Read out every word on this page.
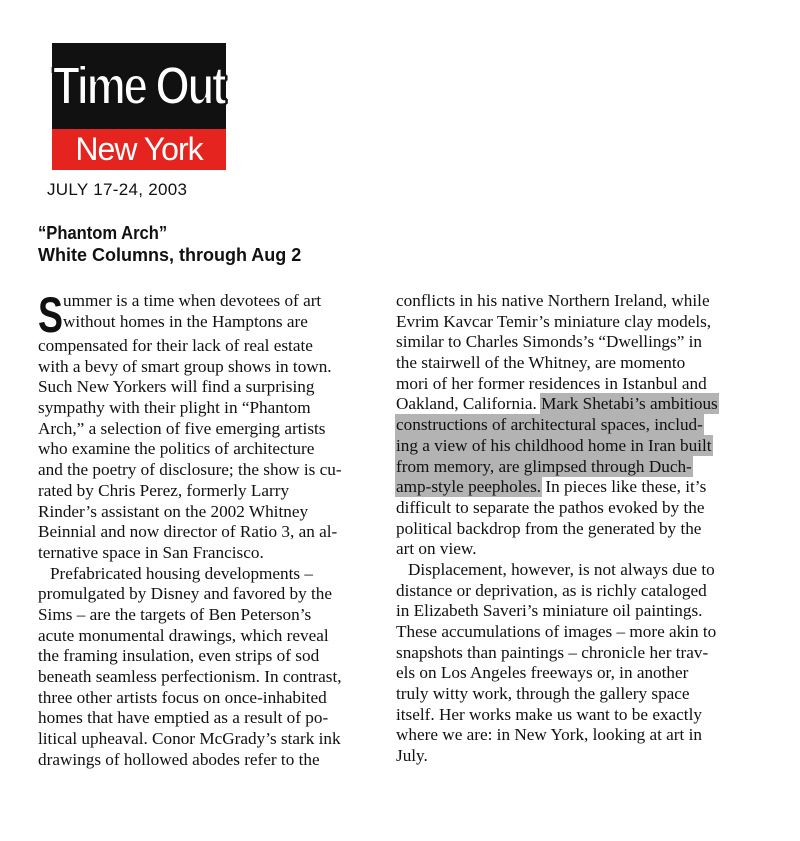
Time Out
New York
JULY 17-24, 2003
“Phantom Arch”
White Columns, through Aug 2
S ummer is a time when devotees of art
without homes in the Hamptons are
compensated for their lack of real estate
with a bevy of smart group shows in town.
Such New Yorkers will find a surprising
sympathy with their plight in “Phantom
Arch,” a selection of five emerging artists
who examine the politics of architecture
and the poetry of disclosure; the show is cu-
rated by Chris Perez, formerly Larry
Rinder’s assistant on the 2002 Whitney
Beinnial and now director of Ratio 3, an al-
ternative space in San Francisco.
Prefabricated housing developments –
promulgated by Disney and favored by the
Sims – are the targets of Ben Peterson’s
acute monumental drawings, which reveal
the framing insulation, even strips of sod
beneath seamless perfectionism. In contrast,
three other artists focus on once-inhabited
homes that have emptied as a result of po-
litical upheaval. Conor McGrady’s stark ink
drawings of hollowed abodes refer to the
conflicts in his native Northern Ireland, while
Evrim Kavcar Temir’s miniature clay models,
similar to Charles Simonds’s “Dwellings” in
the stairwell of the Whitney, are momento
mori of her former residences in Istanbul and
Oakland, California. Mark Shetabi’s ambitious
constructions of architectural spaces, includ-
ing a view of his childhood home in Iran built
from memory, are glimpsed through Duch-
amp-style peepholes. In pieces like these, it’s
difficult to separate the pathos evoked by the
political backdrop from the generated by the
art on view.
Displacement, however, is not always due to
distance or deprivation, as is richly cataloged
in Elizabeth Saveri’s miniature oil paintings.
These accumulations of images – more akin to
snapshots than paintings – chronicle her trav-
els on Los Angeles freeways or, in another
truly witty work, through the gallery space
itself. Her works make us want to be exactly
where we are: in New York, looking at art in
July.
